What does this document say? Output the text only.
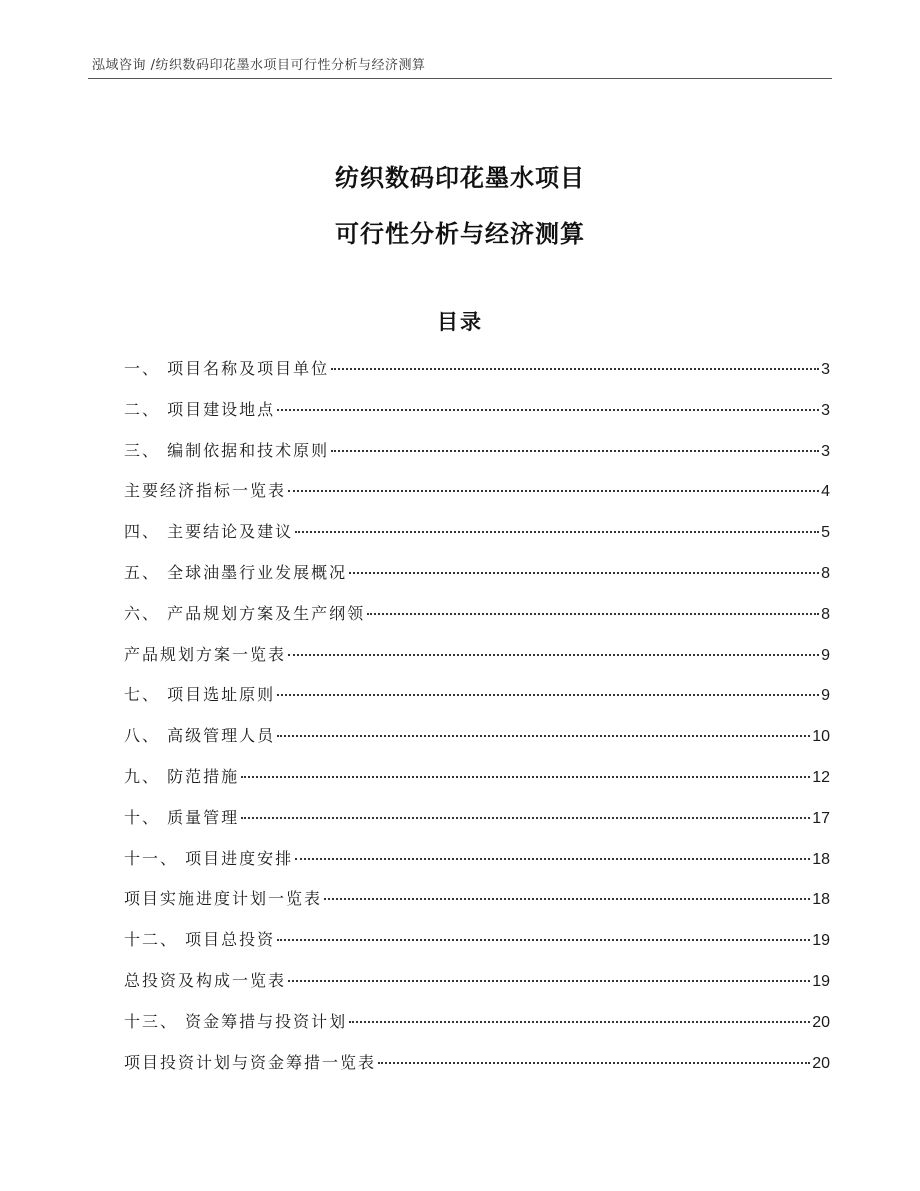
泓域咨询 /纺织数码印花墨水项目可行性分析与经济测算
纺织数码印花墨水项目
可行性分析与经济测算
目录
一、 项目名称及项目单位	3
二、 项目建设地点	3
三、 编制依据和技术原则	3
主要经济指标一览表	4
四、 主要结论及建议	5
五、 全球油墨行业发展概况	8
六、 产品规划方案及生产纲领	8
产品规划方案一览表	9
七、 项目选址原则	9
八、 高级管理人员	10
九、 防范措施	12
十、 质量管理	17
十一、 项目进度安排	18
项目实施进度计划一览表	18
十二、 项目总投资	19
总投资及构成一览表	19
十三、 资金筹措与投资计划	20
项目投资计划与资金筹措一览表	20
